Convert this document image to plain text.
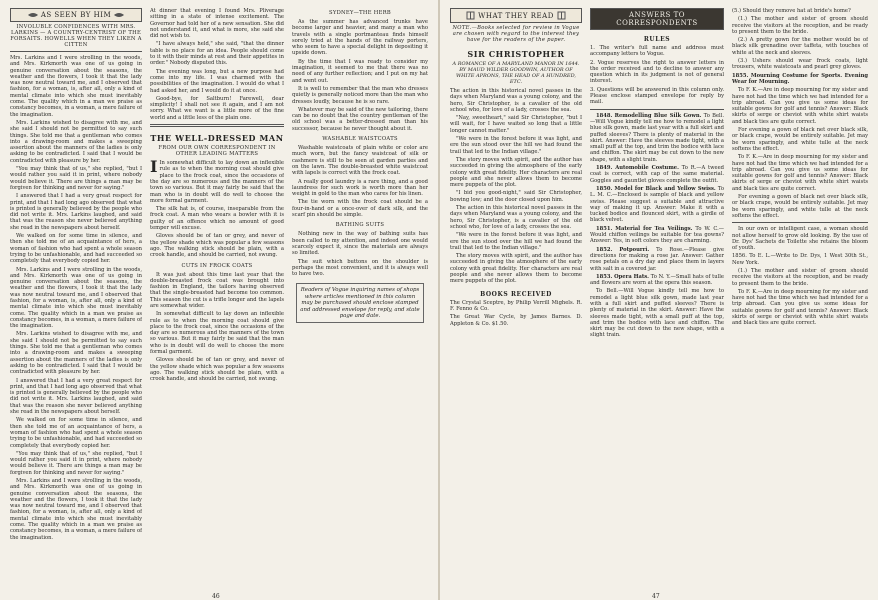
AS SEEN BY HIM
INVOLUBLE CONFIDENCES WITH MRS. LARKINS — A COUNTRY-CENTRIST OF THE FORSAITS. HOWELLS WHEN THEY LIKEN A CITTEN

Mrs. Larkins and I were strolling in the woods, and Mrs. Kirkmorth was one of us going in genuine conversation about the seasons, the weather and the flowers, I took it that the lady was now neutral toward me, and I observed that fashion, for a woman, is, after all, only a kind of mental climate into which she must inevitably come. The quality which in a man we praise as constancy becomes, in a woman, a mere failure of the imagination.

Mrs. Larkins wished to disagree with me, and she said I should not be permitted to say such things. She told me that a gentleman who comes into a drawing-room and makes a sweeping assertion about the manners of the ladies is only asking to be contradicted. I said that I would be contradicted with pleasure by her.

"You may think that of us," she replied, "but I would rather you said it in print, where nobody would believe it. There are things a man may be forgiven for thinking and never for saying."

I answered that I had a very great respect for print, and that I had long ago observed that what is printed is generally believed by the people who did not write it. Mrs. Larkins laughed, and said that was the reason she never believed anything she read in the newspapers about herself.

We walked on for some time in silence, and then she told me of an acquaintance of hers, a woman of fashion who had spent a whole season trying to be unfashionable, and had succeeded so completely that everybody copied her.

Mrs. Larkins and I were strolling in the woods, and Mrs. Kirkmorth was one of us going in genuine conversation about the seasons, the weather and the flowers, I took it that the lady was now neutral toward me, and I observed that fashion, for a woman, is, after all, only a kind of mental climate into which she must inevitably come. The quality which in a man we praise as constancy becomes, in a woman, a mere failure of the imagination.

Mrs. Larkins wished to disagree with me, and she said I should not be permitted to say such things. She told me that a gentleman who comes into a drawing-room and makes a sweeping assertion about the manners of the ladies is only asking to be contradicted. I said that I would be contradicted with pleasure by her.

I answered that I had a very great respect for print, and that I had long ago observed that what is printed is generally believed by the people who did not write it. Mrs. Larkins laughed, and said that was the reason she never believed anything she read in the newspapers about herself.

We walked on for some time in silence, and then she told me of an acquaintance of hers, a woman of fashion who had spent a whole season trying to be unfashionable, and had succeeded so completely that everybody copied her.

"You may think that of us," she replied, "but I would rather you said it in print, where nobody would believe it. There are things a man may be forgiven for thinking and never for saying."

Mrs. Larkins and I were strolling in the woods, and Mrs. Kirkmorth was one of us going in genuine conversation about the seasons, the weather and the flowers, I took it that the lady was now neutral toward me, and I observed that fashion, for a woman, is, after all, only a kind of mental climate into which she must inevitably come. The quality which in a man we praise as constancy becomes, in a woman, a mere failure of the imagination.

At dinner that evening I found Mrs. Pliverage sitting in a state of intense excitement. The Governor had told her of a new sensation. She did not understand it, and what is more, she said she did not wish to.

"I have always held," she said, "that the dinner table is no place for an idea. People should come to it with their minds at rest and their appetites in order." Nobody disputed this.

The evening was long, but a new purpose had come into my life. I was charmed with the possibilities of the imagination. I would do what I had asked her, and I would do it at once.

Good-bye, for Saltburn! Farewell, dear simplicity! I shall not see it again, and I am not sorry. What we want is a little more of the fine world and a little less of the plain one.

THE WELL-DRESSED MAN
FROM OUR OWN CORRESPONDENT IN OTHER LEADING MATTERS

I In somewhat difficult to lay down an inflexible rule as to when the morning coat should give place to the frock coat, since the occasions of the day are so numerous and the manners of the town so various. But it may fairly be said that the man who is in doubt will do well to choose the more formal garment.

The silk hat is, of course, inseparable from the frock coat. A man who wears a bowler with it is guilty of an offence which no amount of good temper will excuse.

Gloves should be of tan or grey, and never of the yellow shade which was popular a few seasons ago. The walking stick should be plain, with a crook handle, and should be carried, not swung.

CUTS IN FROCK COATS

It was just about this time last year that the double-breasted frock coat was brought into fashion in England, the tailors having observed that the single-breasted had become too common. This season the cut is a trifle longer and the lapels are somewhat wider.

In somewhat difficult to lay down an inflexible rule as to when the morning coat should give place to the frock coat, since the occasions of the day are so numerous and the manners of the town so various. But it may fairly be said that the man who is in doubt will do well to choose the more formal garment.

Gloves should be of tan or grey, and never of the yellow shade which was popular a few seasons ago. The walking stick should be plain, with a crook handle, and should be carried, not swung.

SYDNEY—THE HERB

As the summer has advanced trunks have become larger and heavier, and many a man who travels with a single portmanteau finds himself sorely tried at the hands of the railway porters, who seem to have a special delight in depositing it upside down.

By the time that I was ready to consider my imagination, it seemed to me that there was no need of any further reflection; and I put on my hat and went out.

It is well to remember that the man who dresses quietly is generally noticed more than the man who dresses loudly, because he is so rare.

Whatever may be said of the new tailoring, there can be no doubt that the country gentleman of the old school was a better-dressed man than his successor, because he never thought about it.

WASHABLE WAISTCOATS

Washable waistcoats of plain white or color are much worn, but the fancy waistcoat of silk or cashmere is still to be seen at garden parties and on the lawn. The double-breasted white waistcoat with lapels is correct with the frock coat.

A really good laundry is a rare thing, and a good laundress for such work is worth more than her weight in gold to the man who cares for his linen.

The tie worn with the frock coat should be a four-in-hand or a once-over of dark silk, and the scarf pin should be simple.

BATHING SUITS

Nothing new in the way of bathing suits has been called to my attention, and indeed one would scarcely expect it, since the materials are always so limited.

The suit which buttons on the shoulder is perhaps the most convenient, and it is always well to have two.

Readers of Vogue inquiring names of shops where articles mentioned in this column may be purchased should enclose stamped and addressed envelope for reply, and state page and date.
46
WHAT THEY READ
NOTE.—Books selected for review in Vogue are chosen with regard to the interest they have for the readers of the paper.
SIR CHRISTOPHER
A ROMANCE OF A MARYLAND MANOR IN 1644. BY MAUD WILDER GOODWIN, AUTHOR OF WHITE APRONS, THE HEAD OF A HUNDRED, ETC.

The action in this historical novel passes in the days when Maryland was a young colony, and the hero, Sir Christopher, is a cavalier of the old school who, for love of a lady, crosses the sea.

"Nay, sweetheart," said Sir Christopher, "but I will wait, for I have waited so long that a little longer cannot matter."

"We were in the forest before it was light, and ere the sun stood over the hill we had found the trail that led to the Indian village."

The story moves with spirit, and the author has succeeded in giving the atmosphere of the early colony with great fidelity. Her characters are real people and she never allows them to become mere puppets of the plot.

"I bid you good-night," said Sir Christopher, bowing low; and the door closed upon him.

The action in this historical novel passes in the days when Maryland was a young colony, and the hero, Sir Christopher, is a cavalier of the old school who, for love of a lady, crosses the sea.

"We were in the forest before it was light, and ere the sun stood over the hill we had found the trail that led to the Indian village."

The story moves with spirit, and the author has succeeded in giving the atmosphere of the early colony with great fidelity. Her characters are real people and she never allows them to become mere puppets of the plot.

BOOKS RECEIVED

The Crystal Sceptre, by Philip Verrill Mighels. R. F. Fenno & Co.

The Great War Cycle, by James Barnes. D. Appleton & Co. $1.50.

ANSWERS TO CORRESPONDENTS
RULES

1. The writer's full name and address must accompany letters to Vogue.

2. Vogue reserves the right to answer letters in the order received and to decline to answer any question which in its judgment is not of general interest.

3. Questions will be answered in this column only. Please enclose stamped envelope for reply by mail.

1848. Remodelling Blue Silk Gown. To Bell.—Will Vogue kindly tell me how to remodel a light blue silk gown, made last year with a full skirt and puffed sleeves? There is plenty of material in the skirt. Answer: Have the sleeves made tight, with a small puff at the top, and trim the bodice with lace and chiffon. The skirt may be cut down to the new shape, with a slight train.

1849. Automobile Costume. To R.—A tweed coat is correct, with cap of the same material. Goggles and gauntlet gloves complete the outfit.

1850. Model for Black and Yellow Swiss. To L. M. C.—Enclosed is sample of black and yellow swiss. Please suggest a suitable and attractive way of making it up. Answer: Make it with a tucked bodice and flounced skirt, with a girdle of black velvet.

1851. Material for Tea Veilings. To W. C.—Would chiffon veilings be suitable for tea gowns? Answer: Yes, in soft colors they are charming.

1852. Potpourri. To Rose.—Please give directions for making a rose jar. Answer: Gather rose petals on a dry day and place them in layers with salt in a covered jar.

1853. Opera Hats. To N. Y.—Small hats of tulle and flowers are worn at the opera this season.

To Bell.—Will Vogue kindly tell me how to remodel a light blue silk gown, made last year with a full skirt and puffed sleeves? There is plenty of material in the skirt. Answer: Have the sleeves made tight, with a small puff at the top, and trim the bodice with lace and chiffon. The skirt may be cut down to the new shape, with a slight train.

(5.) Should they remove hat at bride's home?

(1.) The mother and sister of groom should receive the visitors at the reception, and be ready to present them to the bride.

(2.) A pretty gown for the mother would be of black silk grenadine over taffeta, with touches of white at the neck and sleeves.

(3.) Ushers should wear frock coats, light trousers, white waistcoats and pearl grey gloves.

1855. Mourning Costume for Sports. Evening Wear for Mourning.

To F. K.—Are in deep mourning for my sister and have not had the time which we had intended for a trip abroad. Can you give us some ideas for suitable gowns for golf and tennis? Answer: Black skirts of serge or cheviot with white shirt waists and black ties are quite correct.

For evening a gown of black net over black silk, or black crape, would be entirely suitable. Jet may be worn sparingly, and white tulle at the neck softens the effect.

To F. K.—Are in deep mourning for my sister and have not had the time which we had intended for a trip abroad. Can you give us some ideas for suitable gowns for golf and tennis? Answer: Black skirts of serge or cheviot with white shirt waists and black ties are quite correct.

For evening a gown of black net over black silk, or black crape, would be entirely suitable. Jet may be worn sparingly, and white tulle at the neck softens the effect.

In our own or intelligent case, a woman should not allow herself to grow old looking. By the use of Dr. Dys' Sachets de Toilette she retains the bloom of youth.

1856. To E. L.—Write to Dr. Dys, 1 West 30th St., New York.

(1.) The mother and sister of groom should receive the visitors at the reception, and be ready to present them to the bride.

To F. K.—Are in deep mourning for my sister and have not had the time which we had intended for a trip abroad. Can you give us some ideas for suitable gowns for golf and tennis? Answer: Black skirts of serge or cheviot with white shirt waists and black ties are quite correct.

47
